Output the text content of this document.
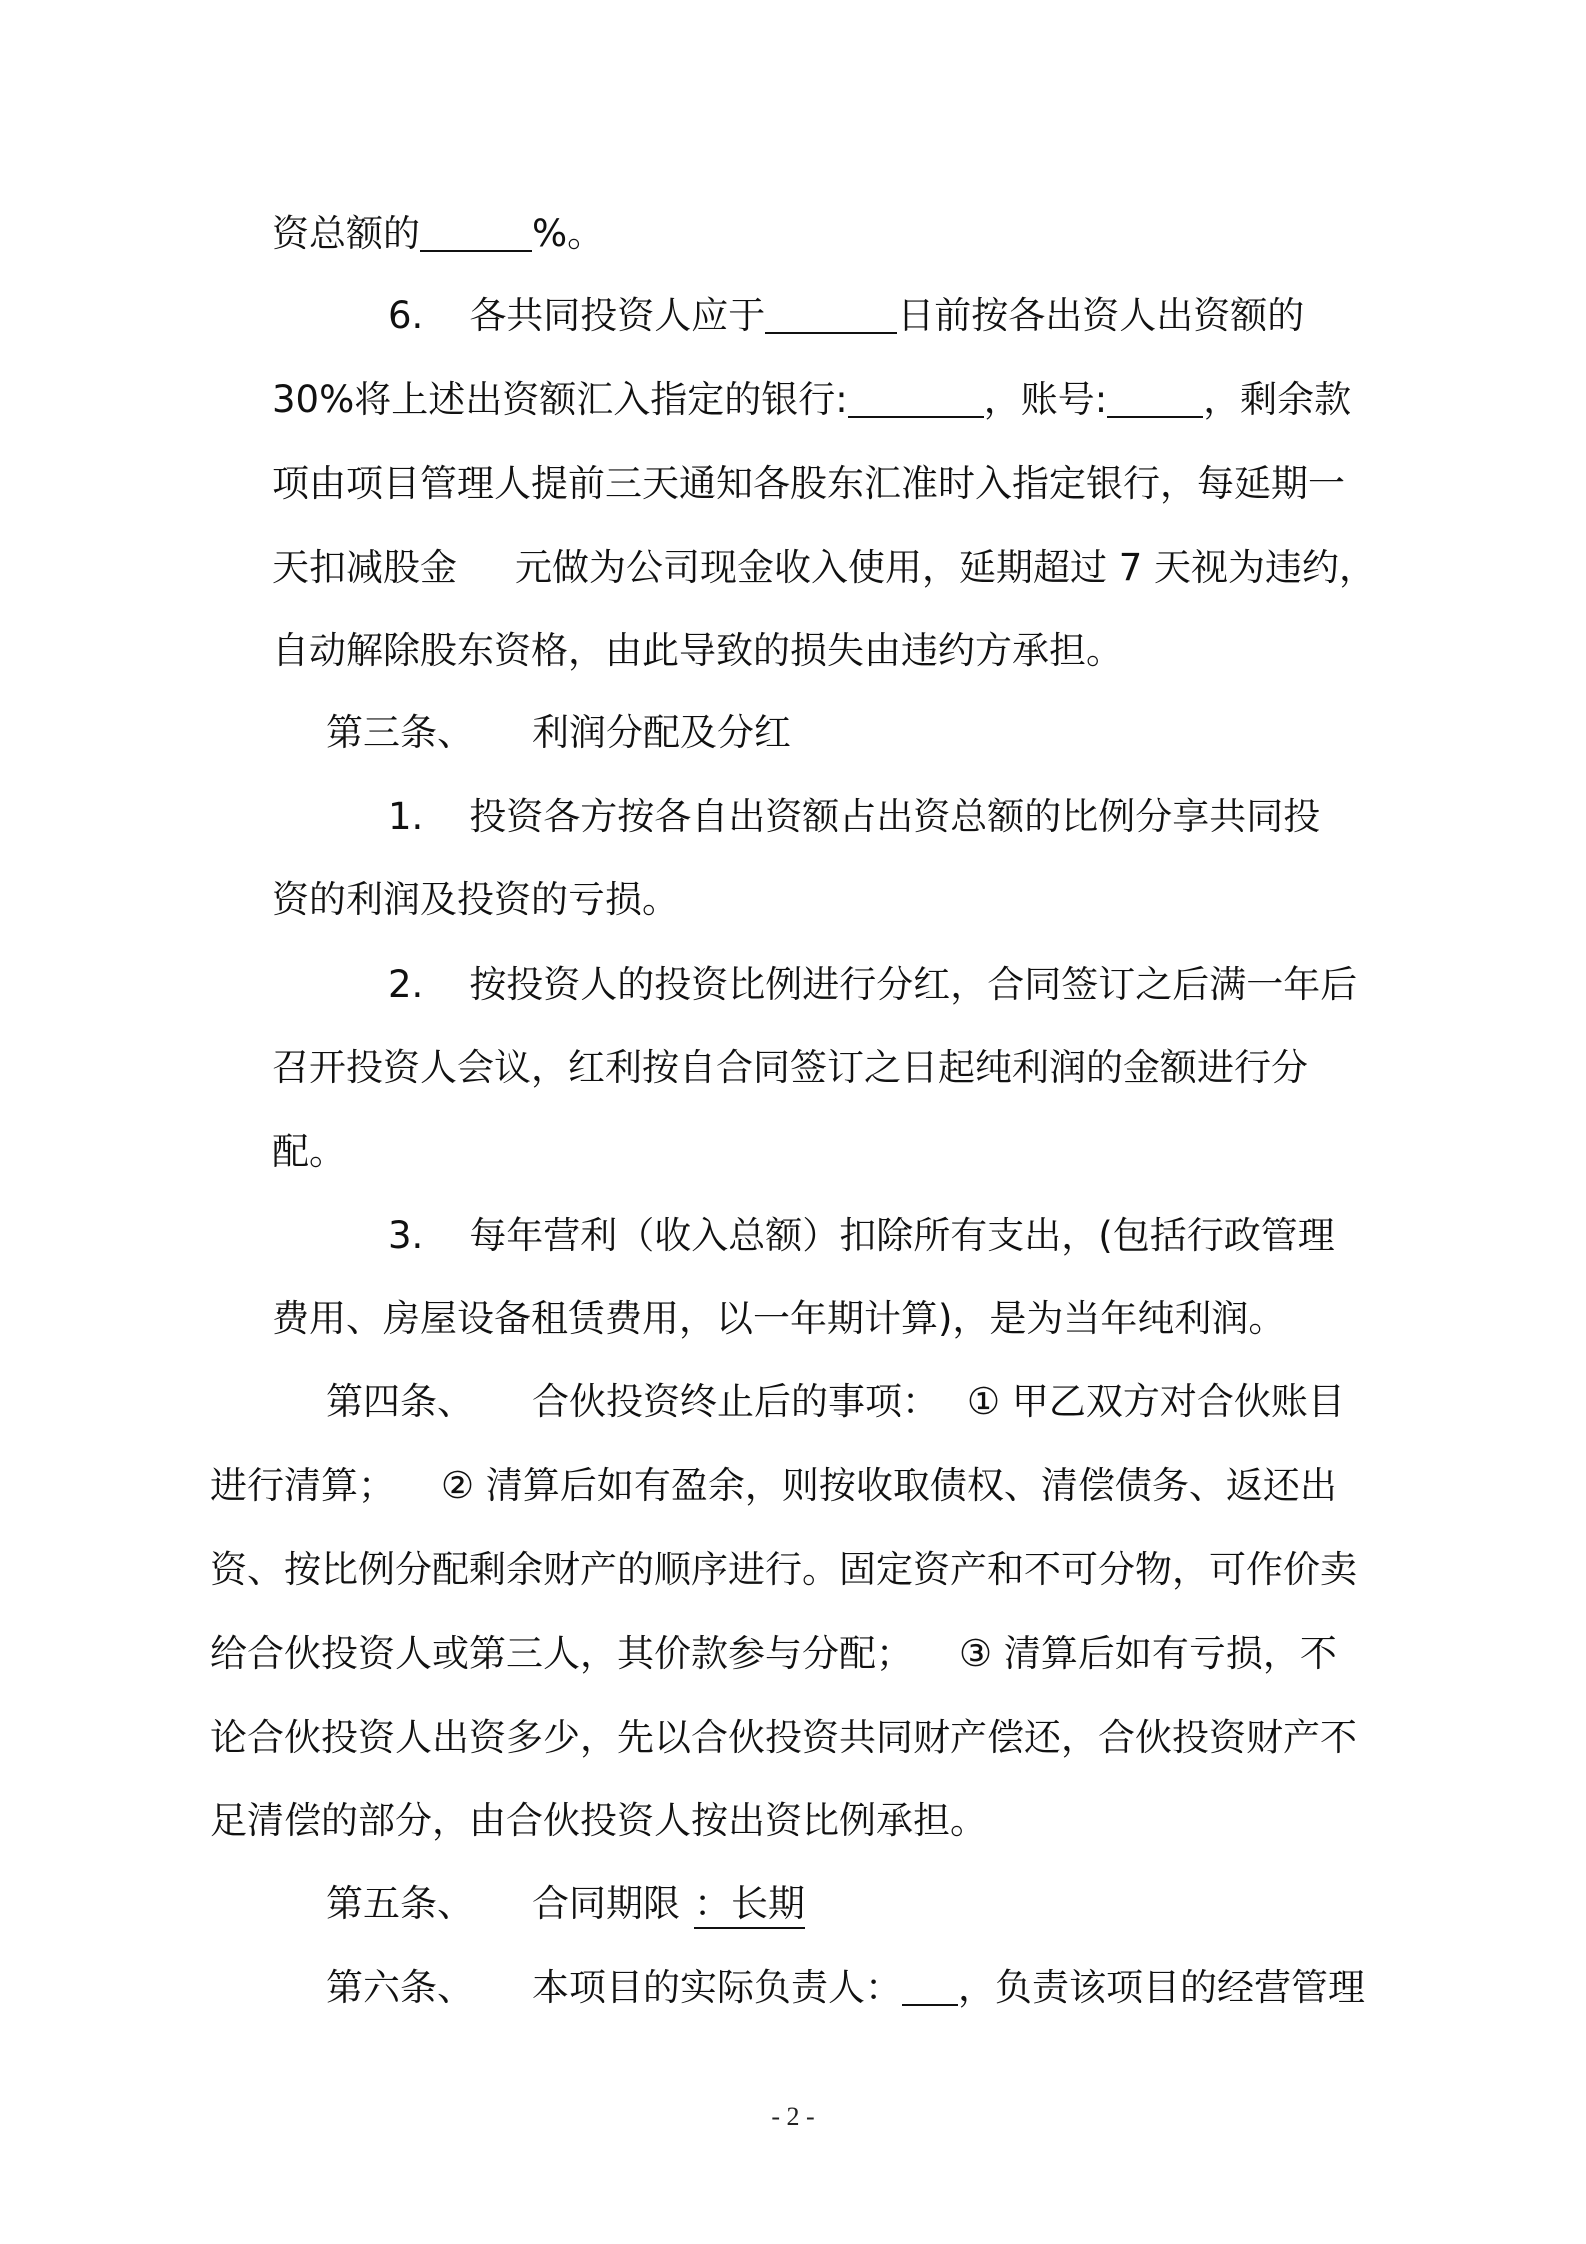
资总额的	%。
6. 各共同投资人应于	日前按各出资人出资额的
30%将上述出资额汇入指定的银行:	，账号:	，剩余款
项由项目管理人提前三天通知各股东汇准时入指定银行，每延期一
天扣减股金 元做为公司现金收入使用，延期超过 7 天视为违约，
自动解除股东资格，由此导致的损失由违约方承担。
第三条、 利润分配及分红
1. 投资各方按各自出资额占出资总额的比例分享共同投
资的利润及投资的亏损。
2. 按投资人的投资比例进行分红，合同签订之后满一年后
召开投资人会议，红利按自合同签订之日起纯利润的金额进行分
配。
3. 每年营利（收入总额）扣除所有支出，(包括行政管理
费用、房屋设备租赁费用，以一年期计算)，是为当年纯利润。
第四条、 合伙投资终止后的事项： ① 甲乙双方对合伙账目
进行清算； ② 清算后如有盈余，则按收取债权、清偿债务、返还出
资、按比例分配剩余财产的顺序进行。固定资产和不可分物，可作价卖
给合伙投资人或第三人，其价款参与分配； ③ 清算后如有亏损，不
论合伙投资人出资多少，先以合伙投资共同财产偿还，合伙投资财产不
足清偿的部分，由合伙投资人按出资比例承担。
第五条、 合同期限 ：长期
第六条、 本项目的实际负责人： ，负责该项目的经营管理
- 2 -
